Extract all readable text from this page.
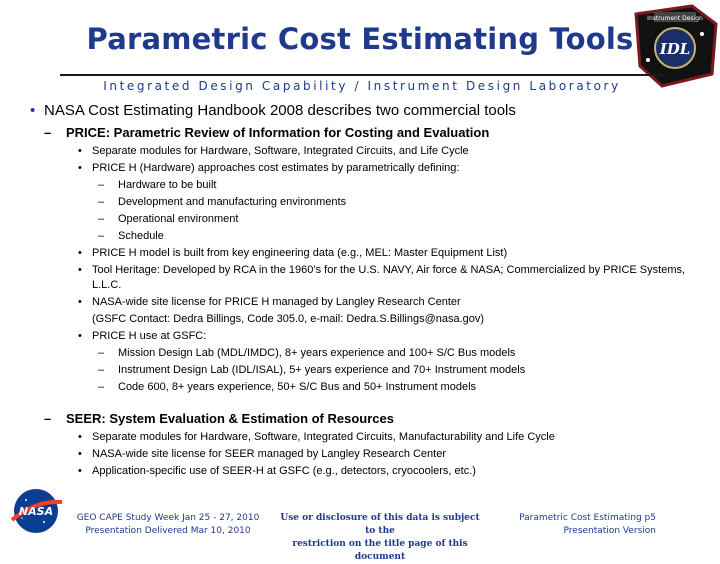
Parametric Cost Estimating Tools
Instrument Design
IDL
Integrated Design Capability / Instrument Design Laboratory
• NASA Cost Estimating Handbook 2008 describes two commercial tools
–	PRICE: Parametric Review of Information for Costing and Evaluation
• Separate modules for Hardware, Software, Integrated Circuits, and Life Cycle
• PRICE H (Hardware) approaches cost estimates by parametrically defining:
–	Hardware to be built
–	Development and manufacturing environments
–	Operational environment
–	Schedule
• PRICE H model is built from key engineering data (e.g., MEL: Master Equipment List)
• Tool Heritage: Developed by RCA in the 1960’s for the U.S. NAVY, Air force & NASA; Commercialized by PRICE Systems, L.L.C.
• NASA-wide site license for PRICE H managed by Langley Research Center
(GSFC Contact: Dedra Billings, Code 305.0, e-mail: Dedra.S.Billings@nasa.gov)
• PRICE H use at GSFC:
–	Mission Design Lab (MDL/IMDC), 8+ years experience and 100+ S/C Bus models
–	Instrument Design Lab (IDL/ISAL), 5+ years experience and 70+ Instrument models
–	Code 600, 8+ years experience, 50+ S/C Bus and 50+ Instrument models
–	SEER: System Evaluation & Estimation of Resources
• Separate modules for Hardware, Software, Integrated Circuits, Manufacturability and Life Cycle
• NASA-wide site license for SEER managed by Langley Research Center
• Application-specific use of SEER-H at GSFC (e.g., detectors, cryocoolers, etc.)
NASA	GEO CAPE Study Week Jan 25 - 27, 2010
Presentation Delivered Mar 10, 2010
Use or disclosure of this data is subject to the
restriction on the title page of this document
Parametric Cost Estimating p5
Presentation Version
